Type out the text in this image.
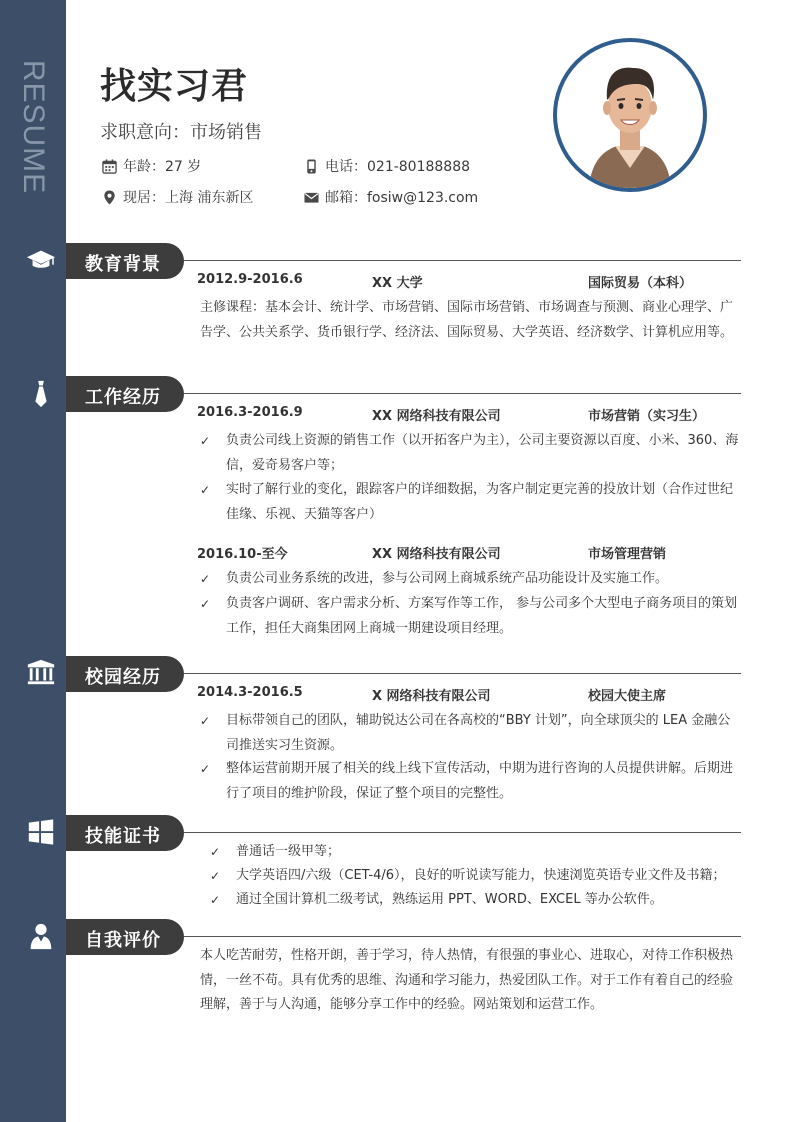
RESUME 找实习君
求职意向：市场销售
年龄：27 岁	电话：021-80188888
现居：上海 浦东新区	邮箱：fosiw@123.com
教育背景
2012.9-2016.6	XX 大学	国际贸易（本科）
主修课程：基本会计、统计学、市场营销、国际市场营销、市场调查与预测、商业心理学、广告学、公共关系学、货币银行学、经济法、国际贸易、大学英语、经济数学、计算机应用等。
工作经历
2016.3-2016.9	XX 网络科技有限公司	市场营销（实习生）
✓ 负责公司线上资源的销售工作（以开拓客户为主），公司主要资源以百度、小米、360、海信，爱奇易客户等；
✓ 实时了解行业的变化，跟踪客户的详细数据，为客户制定更完善的投放计划（合作过世纪佳缘、乐视、天猫等客户）
2016.10-至今	XX 网络科技有限公司	市场管理营销
✓ 负责公司业务系统的改进，参与公司网上商城系统产品功能设计及实施工作。
✓ 负责客户调研、客户需求分析、方案写作等工作， 参与公司多个大型电子商务项目的策划工作，担任大商集团网上商城一期建设项目经理。
校园经历
2014.3-2016.5	X 网络科技有限公司	校园大使主席
✓ 目标带领自己的团队，辅助锐达公司在各高校的“BBY 计划”，向全球顶尖的 LEA 金融公司推送实习生资源。
✓ 整体运营前期开展了相关的线上线下宣传活动，中期为进行咨询的人员提供讲解。后期进行了项目的维护阶段，保证了整个项目的完整性。
技能证书
✓ 普通话一级甲等；
✓ 大学英语四/六级（CET-4/6），良好的听说读写能力，快速浏览英语专业文件及书籍；
✓ 通过全国计算机二级考试，熟练运用 PPT、WORD、EXCEL 等办公软件。
自我评价
本人吃苦耐劳，性格开朗，善于学习，待人热情，有很强的事业心、进取心，对待工作积极热情，一丝不苟。具有优秀的思维、沟通和学习能力，热爱团队工作。对于工作有着自己的经验理解，善于与人沟通，能够分享工作中的经验。网站策划和运营工作。
